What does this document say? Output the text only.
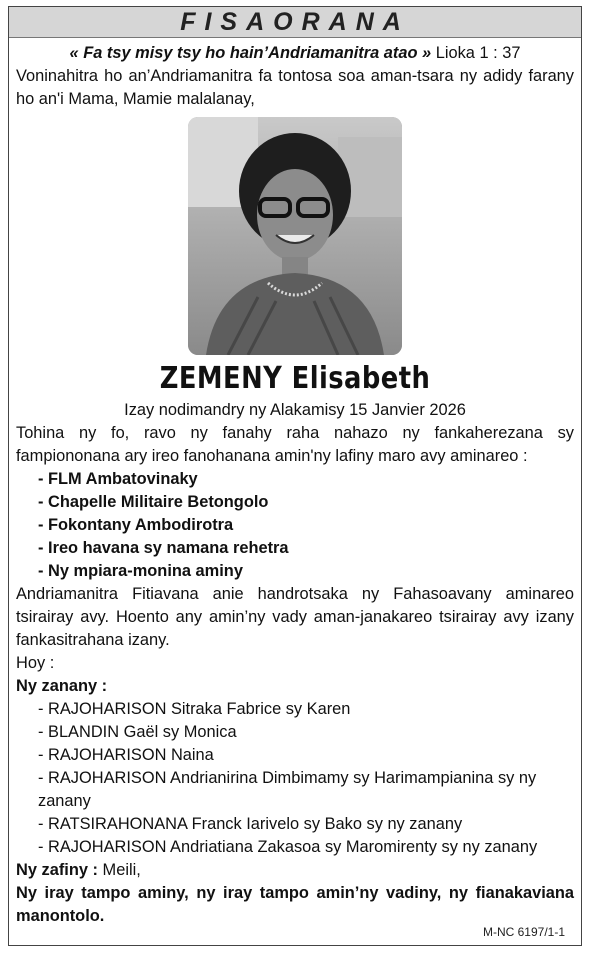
FISAORANA
« Fa tsy misy tsy ho hain’Andriamanitra atao » Lioka 1 : 37
Voninahitra ho an’Andriamanitra fa tontosa soa aman-tsara ny adidy farany ho an'i Mama, Mamie malalanay,
ZEMENY Elisabeth
Izay nodimandry ny Alakamisy 15 Janvier 2026
Tohina ny fo, ravo ny fanahy raha nahazo ny fankaherezana sy fampiononana ary ireo fanohanana amin'ny lafiny maro avy aminareo :
- FLM Ambatovinaky
- Chapelle Militaire Betongolo
- Fokontany Ambodirotra
- Ireo havana sy namana rehetra
- Ny mpiara-monina aminy
Andriamanitra Fitiavana anie handrotsaka ny Fahasoavany aminareo tsirairay avy. Hoento any amin’ny vady aman-janakareo tsirairay avy izany fankasitrahana izany.
Hoy :
Ny zanany :
- RAJOHARISON Sitraka Fabrice sy Karen
- BLANDIN Gaël sy Monica
- RAJOHARISON Naina
- RAJOHARISON Andrianirina Dimbimamy sy Harimampianina sy ny zanany
- RATSIRAHONANA Franck Iarivelo sy Bako sy ny zanany
- RAJOHARISON Andriatiana Zakasoa sy Maromirenty sy ny zanany
Ny zafiny : Meili,
Ny iray tampo aminy, ny iray tampo amin’ny vadiny, ny fianakaviana manontolo.
M-NC 6197/1-1
